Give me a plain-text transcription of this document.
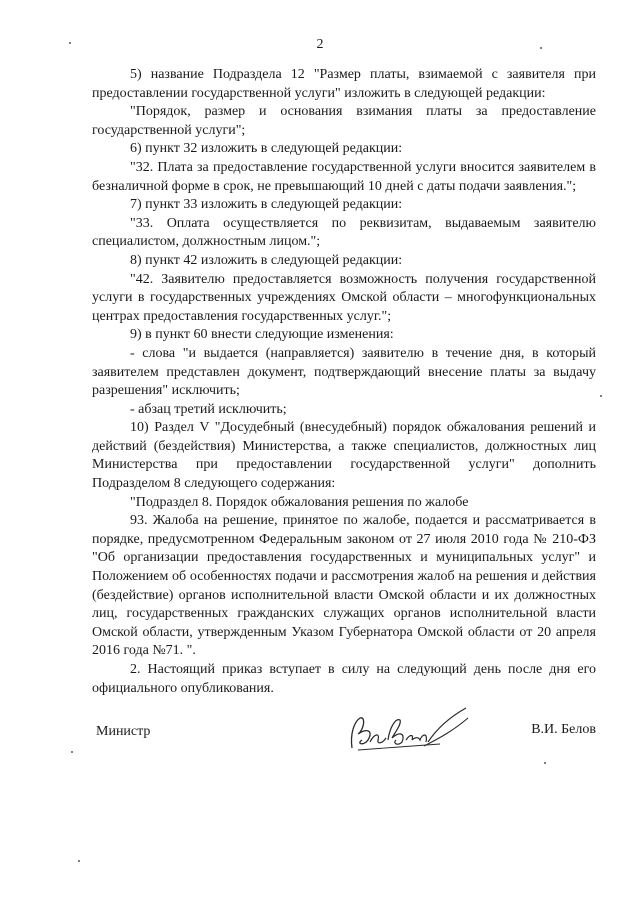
2

5) название Подраздела 12 "Размер платы, взимаемой с заявителя при предоставлении государственной услуги" изложить в следующей редакции:

"Порядок, размер и основания взимания платы за предоставление государственной услуги";

6) пункт 32 изложить в следующей редакции:

"32. Плата за предоставление государственной услуги вносится заявителем в безналичной форме в срок, не превышающий 10 дней с даты подачи заявления.";

7) пункт 33 изложить в следующей редакции:

"33. Оплата осуществляется по реквизитам, выдаваемым заявителю специалистом, должностным лицом.";

8) пункт 42 изложить в следующей редакции:

"42. Заявителю предоставляется возможность получения государственной услуги в государственных учреждениях Омской области – многофункциональных центрах предоставления государственных услуг.";

9) в пункт 60 внести следующие изменения:

- слова "и выдается (направляется) заявителю в течение дня, в который заявителем представлен документ, подтверждающий внесение платы за выдачу разрешения" исключить;

- абзац третий исключить;

10) Раздел V "Досудебный (внесудебный) порядок обжалования решений и действий (бездействия) Министерства, а также специалистов, должностных лиц Министерства при предоставлении государственной услуги" дополнить Подразделом 8 следующего содержания:

"Подраздел 8. Порядок обжалования решения по жалобе

93. Жалоба на решение, принятое по жалобе, подается и рассматривается в порядке, предусмотренном Федеральным законом от 27 июля 2010 года № 210-ФЗ "Об организации предоставления государственных и муниципальных услуг" и Положением об особенностях подачи и рассмотрения жалоб на решения и действия (бездействие) органов исполнительной власти Омской области и их должностных лиц, государственных гражданских служащих органов исполнительной власти Омской области, утвержденным Указом Губернатора Омской области от 20 апреля 2016 года №71. ".

2. Настоящий приказ вступает в силу на следующий день после дня его официального опубликования.

Министр	В.И. Белов
